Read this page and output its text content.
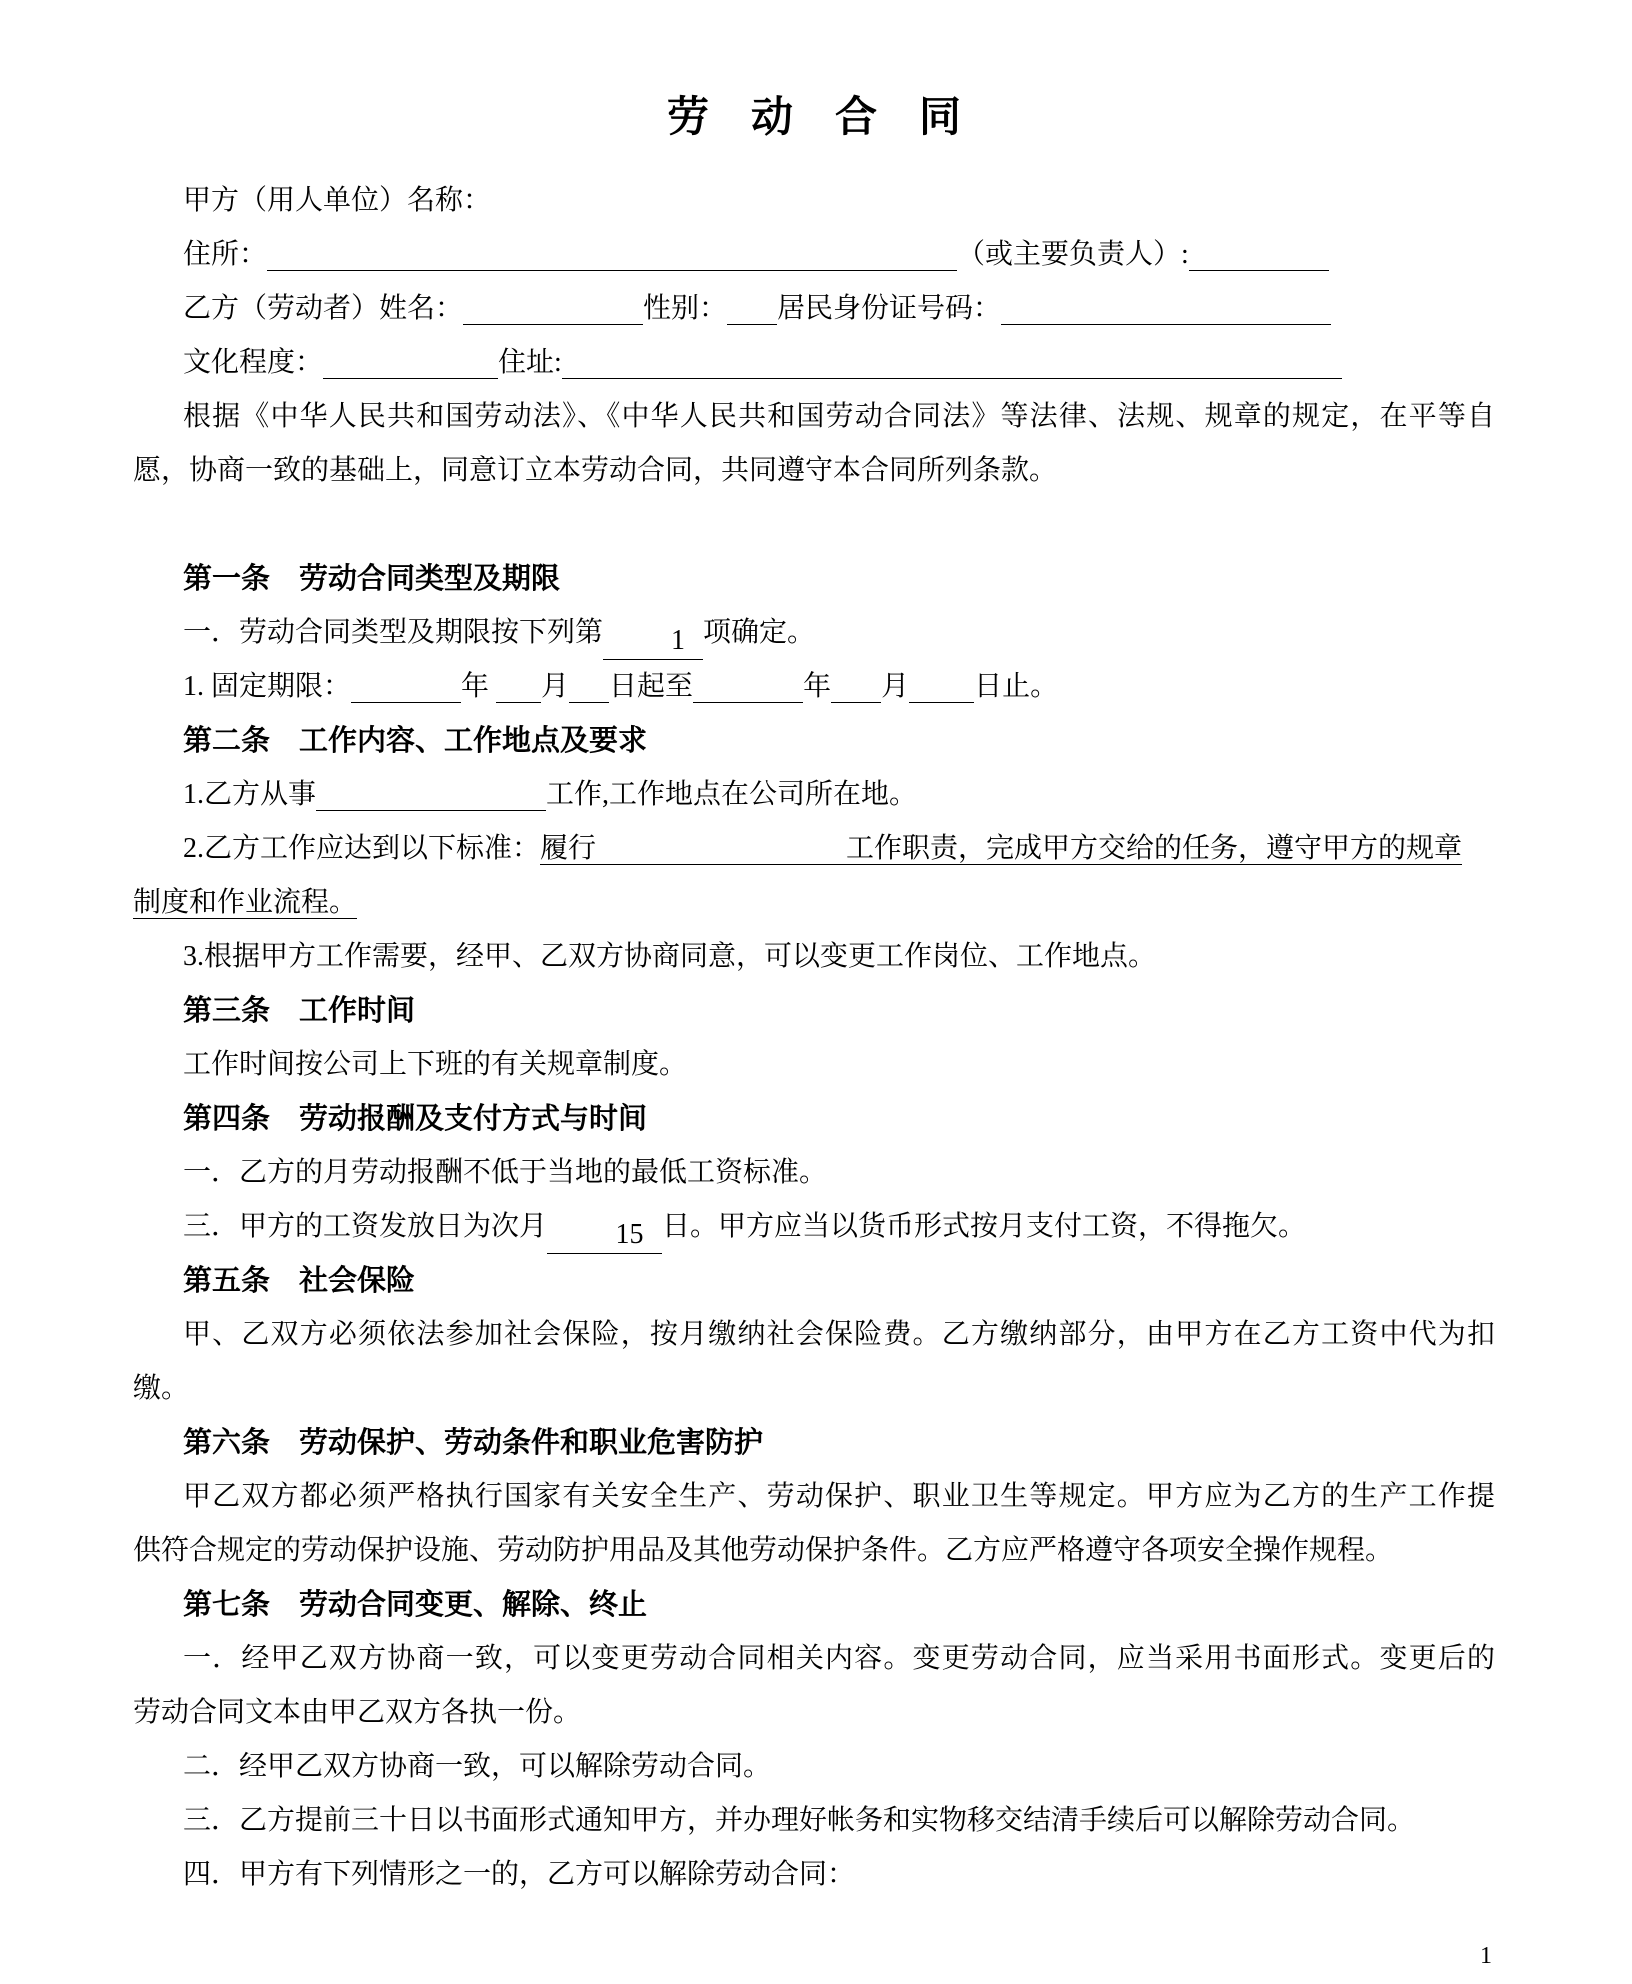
劳　动　合　同
甲方（用人单位）名称：
住所：	（或主要负责人）:
乙方（劳动者）姓名：	性别： 居民身份证号码：
文化程度：	住址:
根据《中华人民共和国劳动法》、《中华人民共和国劳动合同法》等法律、法规、规章的规定，在平等自
愿，协商一致的基础上，同意订立本劳动合同，共同遵守本合同所列条款。
第一条　劳动合同类型及期限
一．劳动合同类型及期限按下列第 1 项确定。
1. 固定期限：	年 月 日起至	年 月 日止。
第二条　工作内容、工作地点及要求
1.乙方从事	工作,工作地点在公司所在地。
2.乙方工作应达到以下标准：履行	工作职责，完成甲方交给的任务，遵守甲方的规章
制度和作业流程。
3.根据甲方工作需要，经甲、乙双方协商同意，可以变更工作岗位、工作地点。
第三条　工作时间
工作时间按公司上下班的有关规章制度。
第四条　劳动报酬及支付方式与时间
一．乙方的月劳动报酬不低于当地的最低工资标准。
三．甲方的工资发放日为次月 15 日。甲方应当以货币形式按月支付工资，不得拖欠。
第五条　社会保险
甲、乙双方必须依法参加社会保险，按月缴纳社会保险费。乙方缴纳部分，由甲方在乙方工资中代为扣
缴。
第六条　劳动保护、劳动条件和职业危害防护
甲乙双方都必须严格执行国家有关安全生产、劳动保护、职业卫生等规定。甲方应为乙方的生产工作提
供符合规定的劳动保护设施、劳动防护用品及其他劳动保护条件。乙方应严格遵守各项安全操作规程。
第七条　劳动合同变更、解除、终止
一．经甲乙双方协商一致，可以变更劳动合同相关内容。变更劳动合同，应当采用书面形式。变更后的
劳动合同文本由甲乙双方各执一份。
二．经甲乙双方协商一致，可以解除劳动合同。
三．乙方提前三十日以书面形式通知甲方，并办理好帐务和实物移交结清手续后可以解除劳动合同。
四．甲方有下列情形之一的，乙方可以解除劳动合同：
1
